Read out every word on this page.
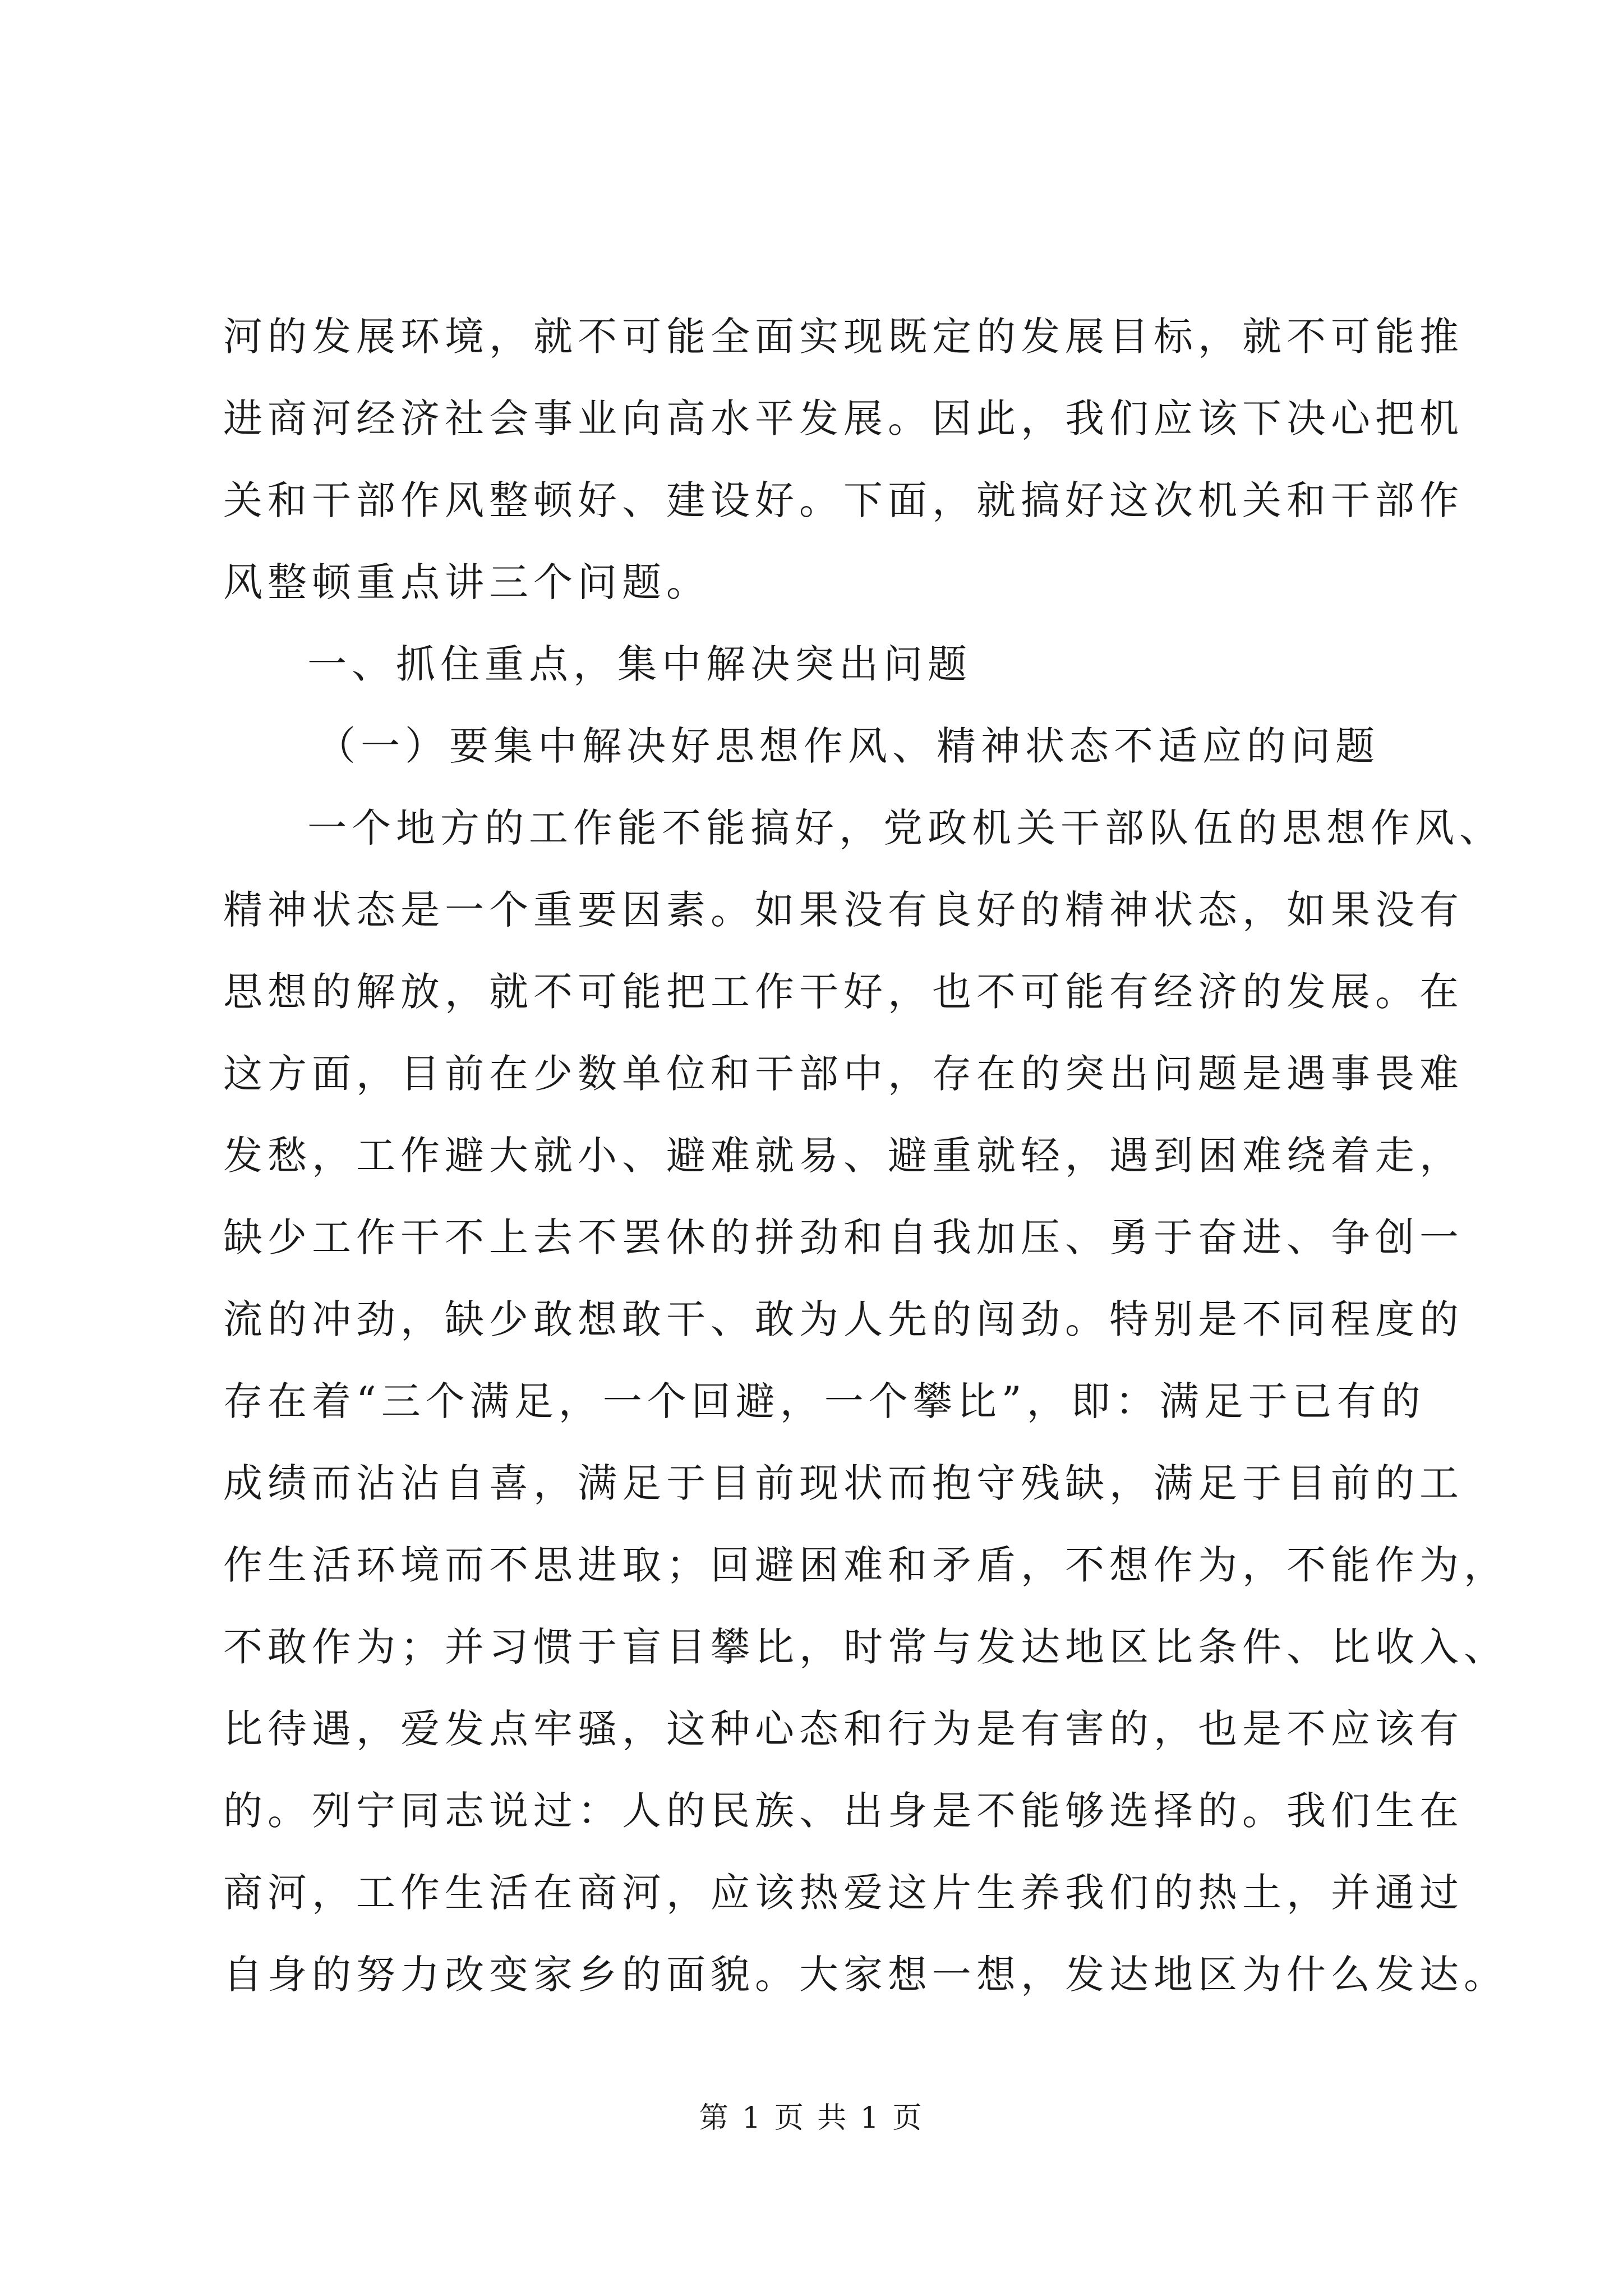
河的发展环境，就不可能全面实现既定的发展目标，就不可能推
进商河经济社会事业向高水平发展。因此，我们应该下决心把机
关和干部作风整顿好、建设好。下面，就搞好这次机关和干部作
风整顿重点讲三个问题。
一、抓住重点，集中解决突出问题
（一）要集中解决好思想作风、精神状态不适应的问题
一个地方的工作能不能搞好，党政机关干部队伍的思想作风、
精神状态是一个重要因素。如果没有良好的精神状态，如果没有
思想的解放，就不可能把工作干好，也不可能有经济的发展。在
这方面，目前在少数单位和干部中，存在的突出问题是遇事畏难
发愁，工作避大就小、避难就易、避重就轻，遇到困难绕着走，
缺少工作干不上去不罢休的拼劲和自我加压、勇于奋进、争创一
流的冲劲，缺少敢想敢干、敢为人先的闯劲。特别是不同程度的
存在着“三个满足，一个回避，一个攀比”，即：满足于已有的
成绩而沾沾自喜，满足于目前现状而抱守残缺，满足于目前的工
作生活环境而不思进取；回避困难和矛盾，不想作为，不能作为，
不敢作为；并习惯于盲目攀比，时常与发达地区比条件、比收入、
比待遇，爱发点牢骚，这种心态和行为是有害的，也是不应该有
的。列宁同志说过：人的民族、出身是不能够选择的。我们生在
商河，工作生活在商河，应该热爱这片生养我们的热土，并通过
自身的努力改变家乡的面貌。大家想一想，发达地区为什么发达。
第 1 页 共 1 页
